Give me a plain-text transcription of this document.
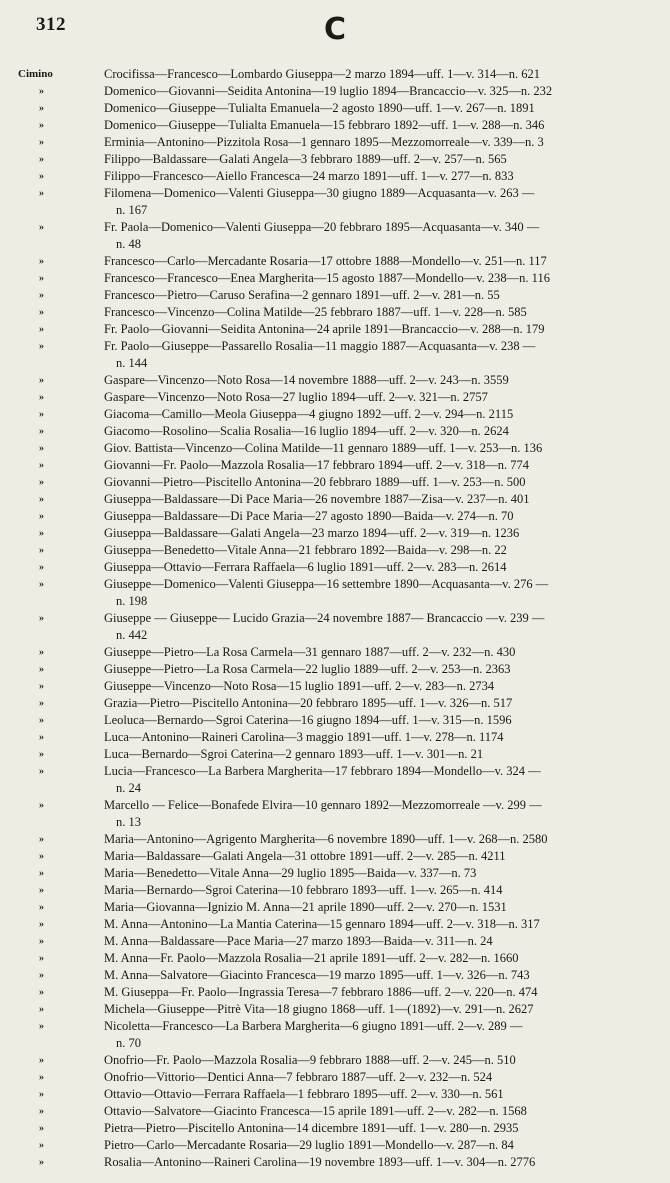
312	C
Cimino	Crocifissa—Francesco—Lombardo Giuseppa—2 marzo 1894—uff. 1—v. 314—n. 621
»	Domenico—Giovanni—Seidita Antonina—19 luglio 1894—Brancaccio—v. 325—n. 232
»	Domenico—Giuseppe—Tulialta Emanuela—2 agosto 1890—uff. 1—v. 267—n. 1891
»	Domenico—Giuseppe—Tulialta Emanuela—15 febbraro 1892—uff. 1—v. 288—n. 346
»	Erminia—Antonino—Pizzitola Rosa—1 gennaro 1895—Mezzomorreale—v. 339—n. 3
»	Filippo—Baldassare—Galati Angela—3 febbraro 1889—uff. 2—v. 257—n. 565
»	Filippo—Francesco—Aiello Francesca—24 marzo 1891—uff. 1—v. 277—n. 833
»	Filomena—Domenico—Valenti Giuseppa—30 giugno 1889—Acquasanta—v. 263 —
n. 167
»	Fr. Paola—Domenico—Valenti Giuseppa—20 febbraro 1895—Acquasanta—v. 340 —
n. 48
»	Francesco—Carlo—Mercadante Rosaria—17 ottobre 1888—Mondello—v. 251—n. 117
»	Francesco—Francesco—Enea Margherita—15 agosto 1887—Mondello—v. 238—n. 116
»	Francesco—Pietro—Caruso Serafina—2 gennaro 1891—uff. 2—v. 281—n. 55
»	Francesco—Vincenzo—Colina Matilde—25 febbraro 1887—uff. 1—v. 228—n. 585
»	Fr. Paolo—Giovanni—Seidita Antonina—24 aprile 1891—Brancaccio—v. 288—n. 179
»	Fr. Paolo—Giuseppe—Passarello Rosalia—11 maggio 1887—Acquasanta—v. 238 —
n. 144
»	Gaspare—Vincenzo—Noto Rosa—14 novembre 1888—uff. 2—v. 243—n. 3559
»	Gaspare—Vincenzo—Noto Rosa—27 luglio 1894—uff. 2—v. 321—n. 2757
»	Giacoma—Camillo—Meola Giuseppa—4 giugno 1892—uff. 2—v. 294—n. 2115
»	Giacomo—Rosolino—Scalia Rosalia—16 luglio 1894—uff. 2—v. 320—n. 2624
»	Giov. Battista—Vincenzo—Colina Matilde—11 gennaro 1889—uff. 1—v. 253—n. 136
»	Giovanni—Fr. Paolo—Mazzola Rosalia—17 febbraro 1894—uff. 2—v. 318—n. 774
»	Giovanni—Pietro—Piscitello Antonina—20 febbraro 1889—uff. 1—v. 253—n. 500
»	Giuseppa—Baldassare—Di Pace Maria—26 novembre 1887—Zisa—v. 237—n. 401
»	Giuseppa—Baldassare—Di Pace Maria—27 agosto 1890—Baida—v. 274—n. 70
»	Giuseppa—Baldassare—Galati Angela—23 marzo 1894—uff. 2—v. 319—n. 1236
»	Giuseppa—Benedetto—Vitale Anna—21 febbraro 1892—Baida—v. 298—n. 22
»	Giuseppa—Ottavio—Ferrara Raffaela—6 luglio 1891—uff. 2—v. 283—n. 2614
»	Giuseppe—Domenico—Valenti Giuseppa—16 settembre 1890—Acquasanta—v. 276 —
n. 198
»	Giuseppe — Giuseppe— Lucido Grazia—24 novembre 1887— Brancaccio —v. 239 —
n. 442
»	Giuseppe—Pietro—La Rosa Carmela—31 gennaro 1887—uff. 2—v. 232—n. 430
»	Giuseppe—Pietro—La Rosa Carmela—22 luglio 1889—uff. 2—v. 253—n. 2363
»	Giuseppe—Vincenzo—Noto Rosa—15 luglio 1891—uff. 2—v. 283—n. 2734
»	Grazia—Pietro—Piscitello Antonina—20 febbraro 1895—uff. 1—v. 326—n. 517
»	Leoluca—Bernardo—Sgroi Caterina—16 giugno 1894—uff. 1—v. 315—n. 1596
»	Luca—Antonino—Raineri Carolina—3 maggio 1891—uff. 1—v. 278—n. 1174
»	Luca—Bernardo—Sgroi Caterina—2 gennaro 1893—uff. 1—v. 301—n. 21
»	Lucia—Francesco—La Barbera Margherita—17 febbraro 1894—Mondello—v. 324 —
n. 24
»	Marcello — Felice—Bonafede Elvira—10 gennaro 1892—Mezzomorreale —v. 299 —
n. 13
»	Maria—Antonino—Agrigento Margherita—6 novembre 1890—uff. 1—v. 268—n. 2580
»	Maria—Baldassare—Galati Angela—31 ottobre 1891—uff. 2—v. 285—n. 4211
»	Maria—Benedetto—Vitale Anna—29 luglio 1895—Baida—v. 337—n. 73
»	Maria—Bernardo—Sgroi Caterina—10 febbraro 1893—uff. 1—v. 265—n. 414
»	Maria—Giovanna—Ignizio M. Anna—21 aprile 1890—uff. 2—v. 270—n. 1531
»	M. Anna—Antonino—La Mantia Caterina—15 gennaro 1894—uff. 2—v. 318—n. 317
»	M. Anna—Baldassare—Pace Maria—27 marzo 1893—Baida—v. 311—n. 24
»	M. Anna—Fr. Paolo—Mazzola Rosalia—21 aprile 1891—uff. 2—v. 282—n. 1660
»	M. Anna—Salvatore—Giacinto Francesca—19 marzo 1895—uff. 1—v. 326—n. 743
»	M. Giuseppa—Fr. Paolo—Ingrassia Teresa—7 febbraro 1886—uff. 2—v. 220—n. 474
»	Michela—Giuseppe—Pitrè Vita—18 giugno 1868—uff. 1—(1892)—v. 291—n. 2627
»	Nicoletta—Francesco—La Barbera Margherita—6 giugno 1891—uff. 2—v. 289 —
n. 70
»	Onofrio—Fr. Paolo—Mazzola Rosalia—9 febbraro 1888—uff. 2—v. 245—n. 510
»	Onofrio—Vittorio—Dentici Anna—7 febbraro 1887—uff. 2—v. 232—n. 524
»	Ottavio—Ottavio—Ferrara Raffaela—1 febbraro 1895—uff. 2—v. 330—n. 561
»	Ottavio—Salvatore—Giacinto Francesca—15 aprile 1891—uff. 2—v. 282—n. 1568
»	Pietra—Pietro—Piscitello Antonina—14 dicembre 1891—uff. 1—v. 280—n. 2935
»	Pietro—Carlo—Mercadante Rosaria—29 luglio 1891—Mondello—v. 287—n. 84
»	Rosalia—Antonino—Raineri Carolina—19 novembre 1893—uff. 1—v. 304—n. 2776
